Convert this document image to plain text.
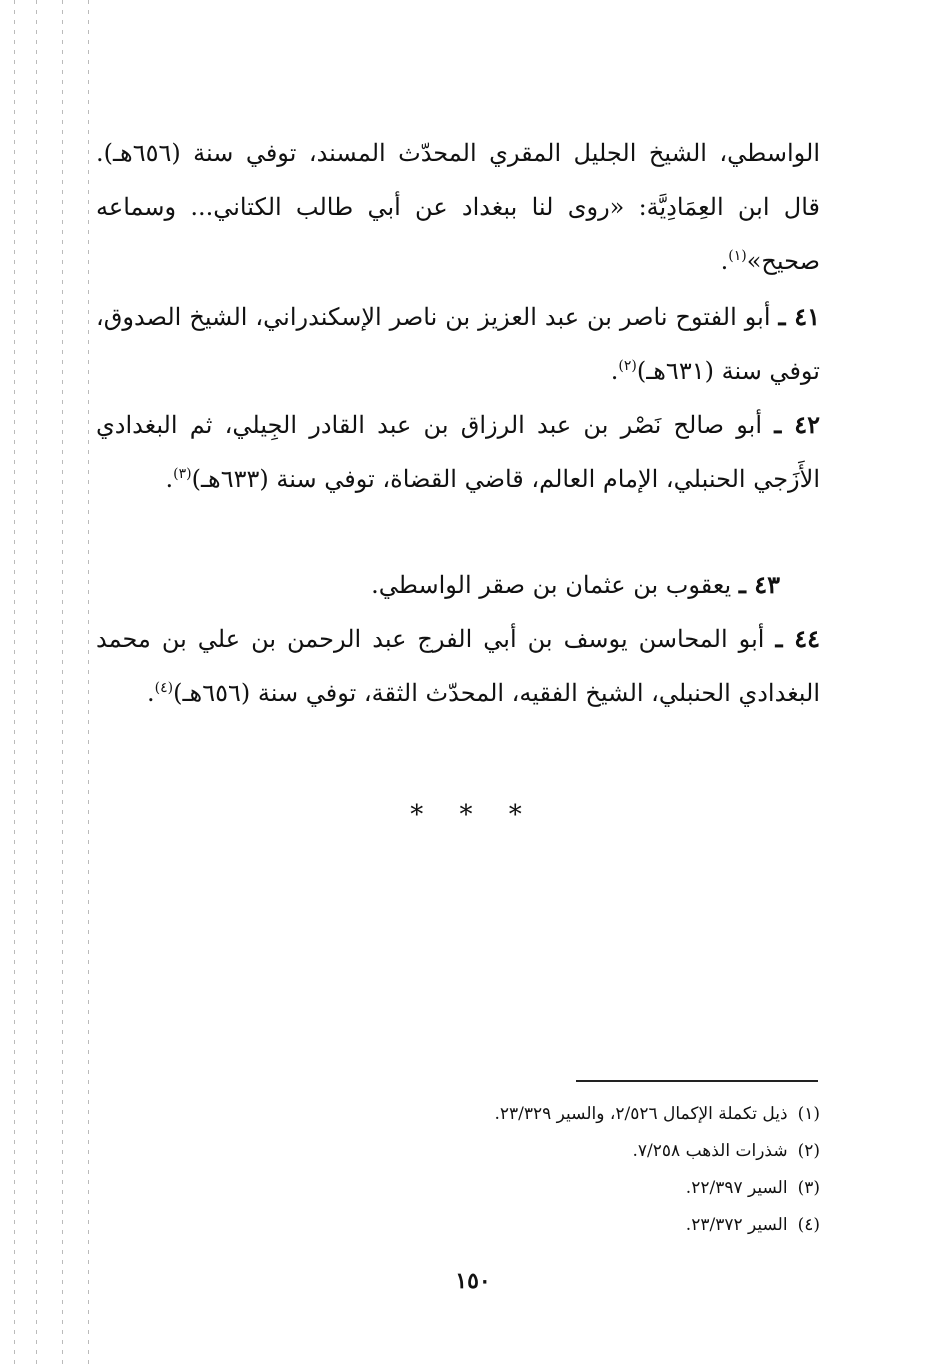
الواسطي، الشيخ الجليل المقري المحدّث المسند، توفي سنة (٦٥٦هـ). قال ابن العِمَادِيَّة: «روى لنا ببغداد عن أبي طالب الكتاني... وسماعه صحيح»$^{(١)}$.

٤١ ـ أبو الفتوح ناصر بن عبد العزيز بن ناصر الإسكندراني، الشيخ الصدوق، توفي سنة (٦٣١هـ)$^{(٢)}$.

٤٢ ـ أبو صالح نَصْر بن عبد الرزاق بن عبد القادر الجِيلي، ثم البغدادي الأَزَجي الحنبلي، الإمام العالم، قاضي القضاة، توفي سنة (٦٣٣هـ)$^{(٣)}$.

٤٣ ـ يعقوب بن عثمان بن صقر الواسطي.

٤٤ ـ أبو المحاسن يوسف بن أبي الفرج عبد الرحمن بن علي بن محمد البغدادي الحنبلي، الشيخ الفقيه، المحدّث الثقة، توفي سنة (٦٥٦هـ)$^{(٤)}$.

* * *

(١)ذيل تكملة الإكمال ٢/٥٢٦، والسير ٢٣/٣٢٩.

(٢)شذرات الذهب ٧/٢٥٨.

(٣)السير ٢٢/٣٩٧.

(٤)السير ٢٣/٣٧٢.

١٥٠
